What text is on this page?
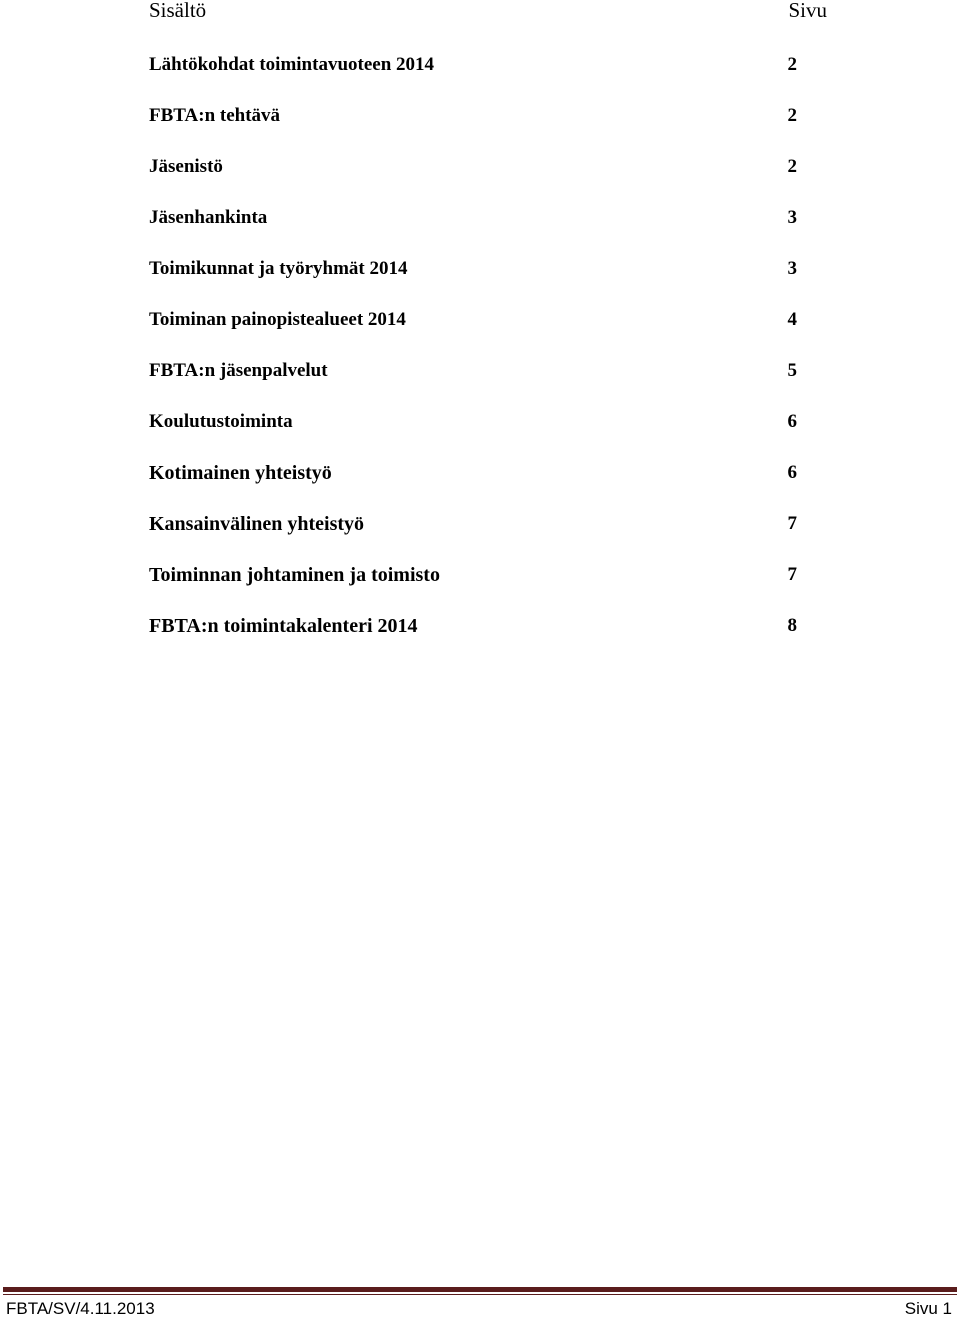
Sisältö	Sivu
Lähtökohdat toimintavuoteen 2014	2
FBTA:n tehtävä	2
Jäsenistö	2
Jäsenhankinta	3
Toimikunnat ja työryhmät 2014	3
Toiminan painopistealueet 2014	4
FBTA:n jäsenpalvelut	5
Koulutustoiminta	6
Kotimainen yhteistyö	6
Kansainvälinen yhteistyö	7
Toiminnan johtaminen ja toimisto	7
FBTA:n toimintakalenteri 2014	8
FBTA/SV/4.11.2013	Sivu 1
